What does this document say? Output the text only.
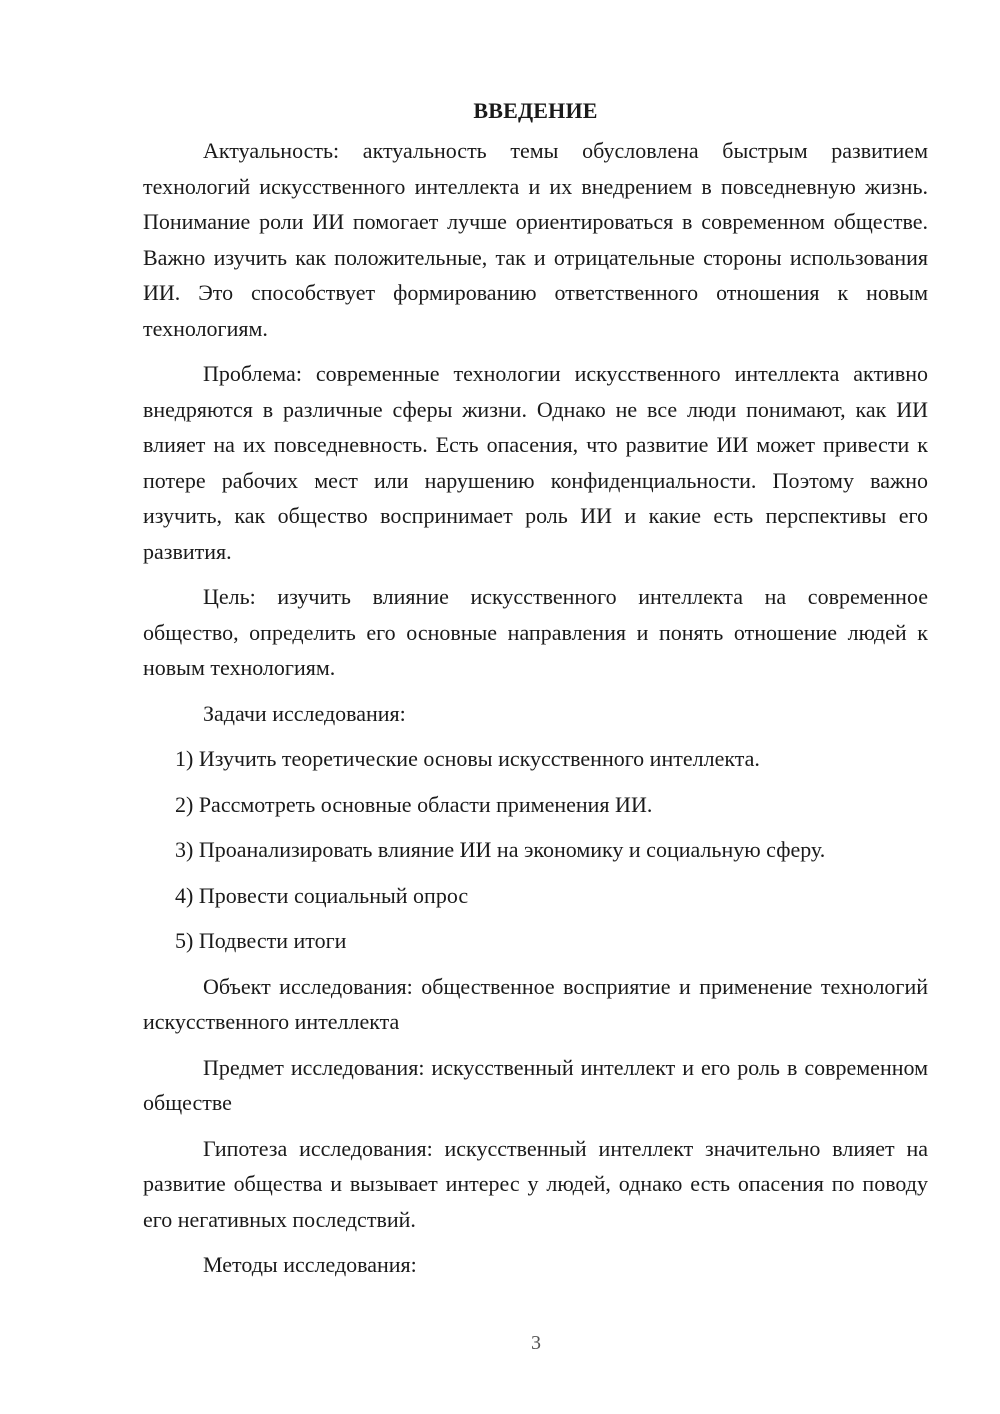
ВВЕДЕНИЕ

Актуальность: актуальность темы обусловлена быстрым развитием технологий искусственного интеллекта и их внедрением в повседневную жизнь. Понимание роли ИИ помогает лучше ориентироваться в современном обществе. Важно изучить как положительные, так и отрицательные стороны использования ИИ. Это способствует формированию ответственного отношения к новым технологиям.

Проблема: современные технологии искусственного интеллекта активно внедряются в различные сферы жизни. Однако не все люди понимают, как ИИ влияет на их повседневность. Есть опасения, что развитие ИИ может привести к потере рабочих мест или нарушению конфиденциальности. Поэтому важно изучить, как общество воспринимает роль ИИ и какие есть перспективы его развития.

Цель: изучить влияние искусственного интеллекта на современное общество, определить его основные направления и понять отношение людей к новым технологиям.

Задачи исследования:

1) Изучить теоретические основы искусственного интеллекта.
2) Рассмотреть основные области применения ИИ.
3) Проанализировать влияние ИИ на экономику и социальную сферу.
4) Провести социальный опрос
5) Подвести итоги

Объект исследования: общественное восприятие и применение технологий искусственного интеллекта

Предмет исследования: искусственный интеллект и его роль в современном обществе

Гипотеза исследования: искусственный интеллект значительно влияет на развитие общества и вызывает интерес у людей, однако есть опасения по поводу его негативных последствий.

Методы исследования:

3
